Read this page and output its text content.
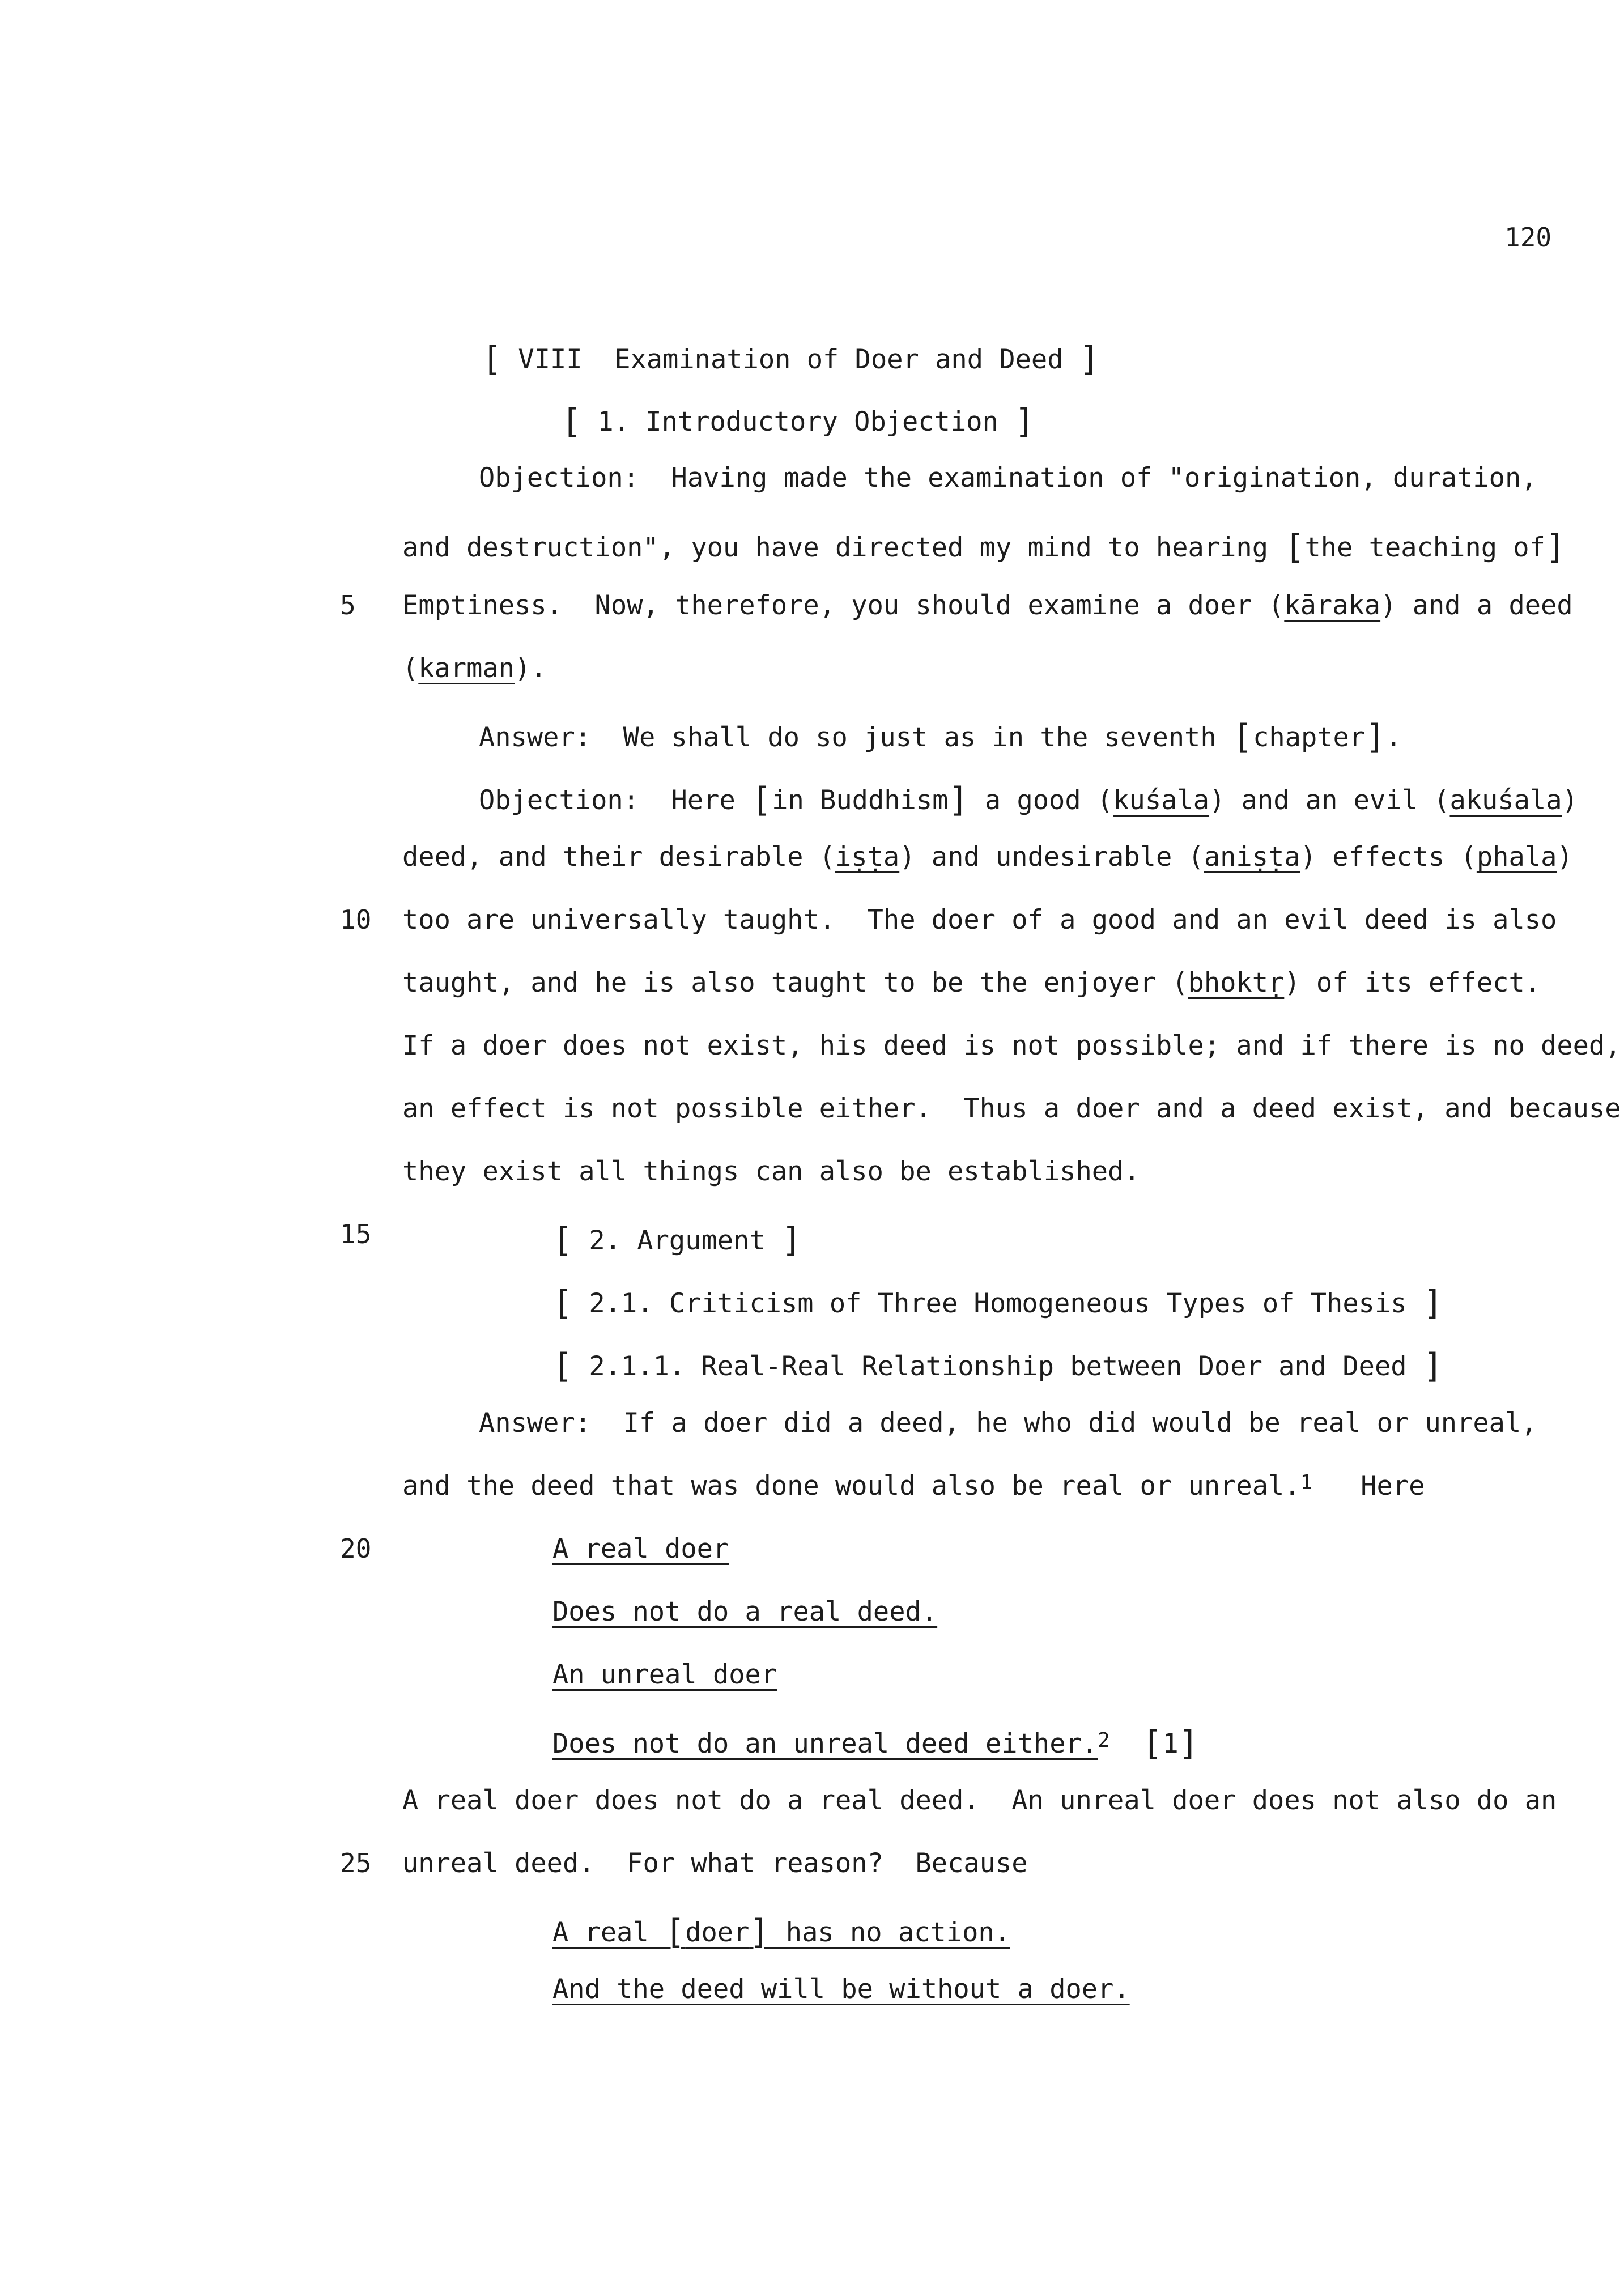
120
[ VIII  Examination of Doer and Deed ]
[ 1. Introductory Objection ]
Objection:  Having made the examination of "origination, duration,
and destruction", you have directed my mind to hearing [the teaching of]
5 Emptiness.  Now, therefore, you should examine a doer (kāraka) and a deed
(karman).
Answer:  We shall do so just as in the seventh [chapter].
Objection:  Here [in Buddhism] a good (kuśala) and an evil (akuśala)
deed, and their desirable (iṣṭa) and undesirable (aniṣṭa) effects (phala)
10 too are universally taught.  The doer of a good and an evil deed is also
taught, and he is also taught to be the enjoyer (bhoktṛ) of its effect.
If a doer does not exist, his deed is not possible; and if there is no deed,
an effect is not possible either.  Thus a doer and a deed exist, and because
they exist all things can also be established.
15	[ 2. Argument ]
[ 2.1. Criticism of Three Homogeneous Types of Thesis ]
[ 2.1.1. Real-Real Relationship between Doer and Deed ]
Answer:  If a doer did a deed, he who did would be real or unreal,
and the deed that was done would also be real or unreal.$^1$ Here
20	A real doer
Does not do a real deed.
An unreal doer
Does not do an unreal deed either.$^2$ [1]
A real doer does not do a real deed.  An unreal doer does not also do an
25 unreal deed.  For what reason?  Because
A real [doer] has no action.
And the deed will be without a doer.
